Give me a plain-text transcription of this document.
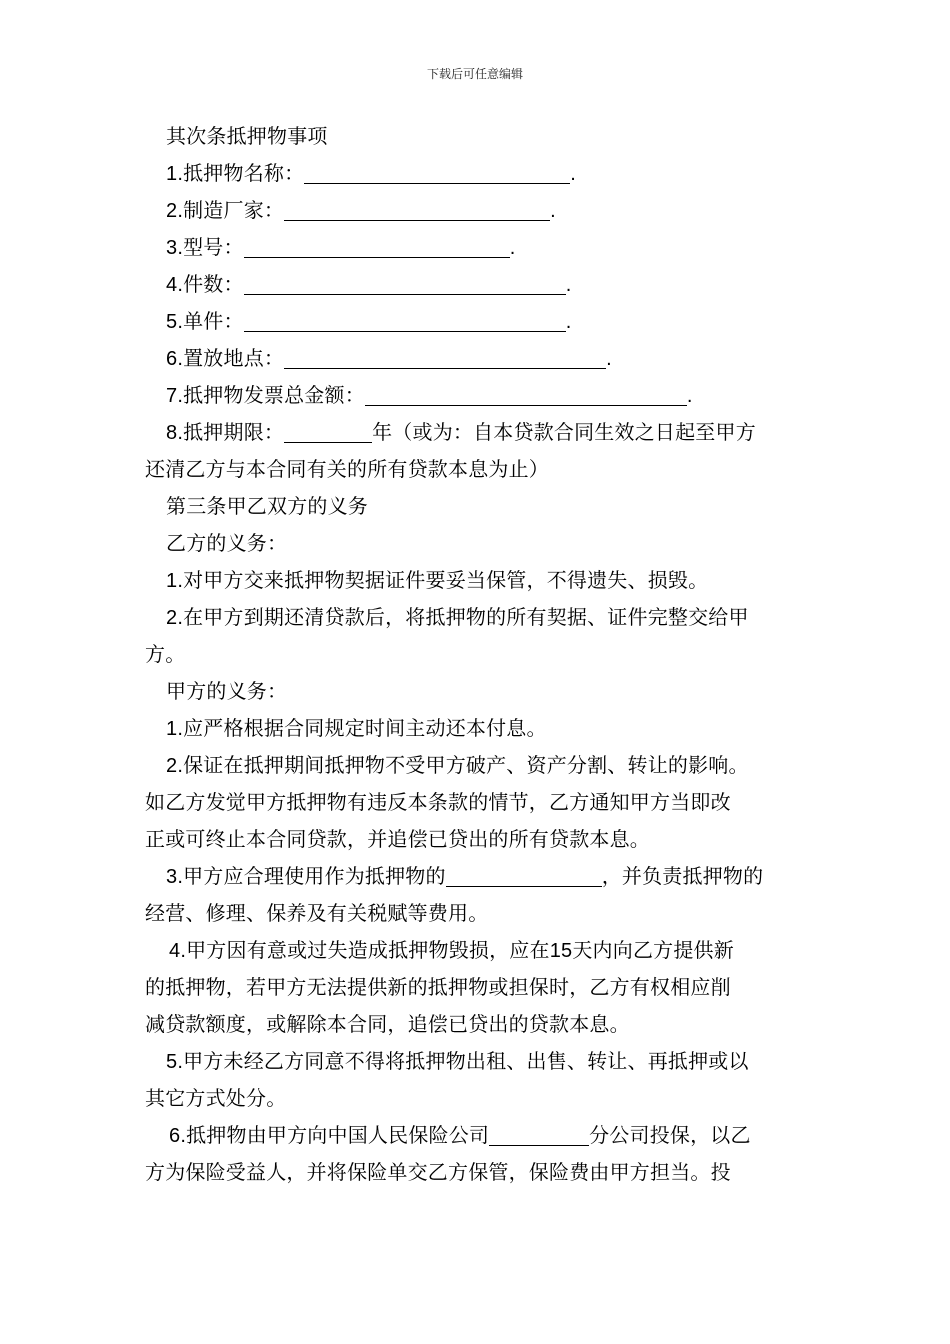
下载后可任意编辑
其次条抵押物事项
1.抵押物名称：	.
2.制造厂家：	.
3.型号：	.
4.件数：	.
5.单件：	.
6.置放地点：	.
7.抵押物发票总金额：	.
8.抵押期限：	年（或为：自本贷款合同生效之日起至甲方
还清乙方与本合同有关的所有贷款本息为止）
第三条甲乙双方的义务
乙方的义务：
1.对甲方交来抵押物契据证件要妥当保管，不得遗失、损毁。
2.在甲方到期还清贷款后，将抵押物的所有契据、证件完整交给甲
方。
甲方的义务：
1.应严格根据合同规定时间主动还本付息。
2.保证在抵押期间抵押物不受甲方破产、资产分割、转让的影响。
如乙方发觉甲方抵押物有违反本条款的情节，乙方通知甲方当即改
正或可终止本合同贷款，并追偿已贷出的所有贷款本息。
3.甲方应合理使用作为抵押物的	，并负责抵押物的
经营、修理、保养及有关税赋等费用。
4.甲方因有意或过失造成抵押物毁损，应在15天内向乙方提供新
的抵押物，若甲方无法提供新的抵押物或担保时，乙方有权相应削
减贷款额度，或解除本合同，追偿已贷出的贷款本息。
5.甲方未经乙方同意不得将抵押物出租、出售、转让、再抵押或以
其它方式处分。
6.抵押物由甲方向中国人民保险公司	分公司投保，以乙
方为保险受益人，并将保险单交乙方保管，保险费由甲方担当。投
